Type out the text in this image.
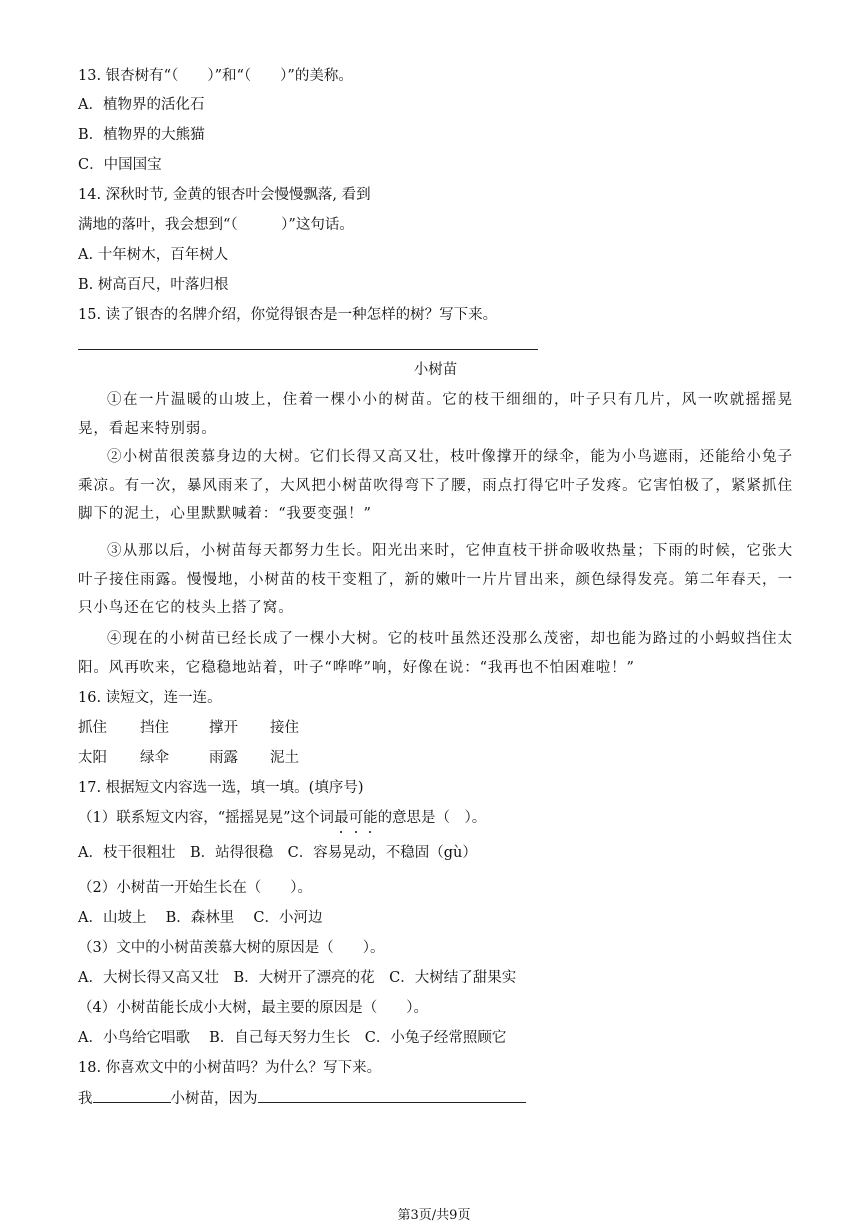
13. 银杏树有“（　　）”和“（　　）”的美称。
A．植物界的活化石
B．植物界的大熊猫
C．中国国宝
14. 深秋时节, 金黄的银杏叶会慢慢飘落, 看到
满地的落叶，我会想到“（　　　）”这句话。
A. 十年树木，百年树人
B. 树高百尺，叶落归根
15. 读了银杏的名牌介绍，你觉得银杏是一种怎样的树？写下来。
小树苗
①在一片温暖的山坡上，住着一棵小小的树苗。它的枝干细细的，叶子只有几片，风一吹就摇摇晃晃，看起来特别弱。
②小树苗很羡慕身边的大树。它们长得又高又壮，枝叶像撑开的绿伞，能为小鸟遮雨，还能给小兔子乘凉。有一次，暴风雨来了，大风把小树苗吹得弯下了腰，雨点打得它叶子发疼。它害怕极了，紧紧抓住脚下的泥土，心里默默喊着：“我要变强！”
③从那以后，小树苗每天都努力生长。阳光出来时，它伸直枝干拼命吸收热量；下雨的时候，它张大叶子接住雨露。慢慢地，小树苗的枝干变粗了，新的嫩叶一片片冒出来，颜色绿得发亮。第二年春天，一只小鸟还在它的枝头上搭了窝。
④现在的小树苗已经长成了一棵小大树。它的枝叶虽然还没那么茂密，却也能为路过的小蚂蚁挡住太阳。风再吹来，它稳稳地站着，叶子“哗哗”响，好像在说：“我再也不怕困难啦！”
16. 读短文，连一连。
抓住 挡住	撑开 接住
太阳 绿伞	雨露 泥土
17. 根据短文内容选一选，填一填。(填序号)
（1）联系短文内容，“摇摇晃晃”这个词最可能的意思是（　）。
A．枝干很粗壮　B．站得很稳　C．容易晃动，不稳固（gù）
（2）小树苗一开始生长在（　　）。
A．山坡上　 B．森林里　 C．小河边
（3）文中的小树苗羡慕大树的原因是（　　）。
A．大树长得又高又壮　B．大树开了漂亮的花　C．大树结了甜果实
（4）小树苗能长成小大树，最主要的原因是（　　）。
A．小鸟给它唱歌　 B．自己每天努力生长　C．小兔子经常照顾它
18. 你喜欢文中的小树苗吗？为什么？写下来。
我	小树苗，因为
第3页/共9页
